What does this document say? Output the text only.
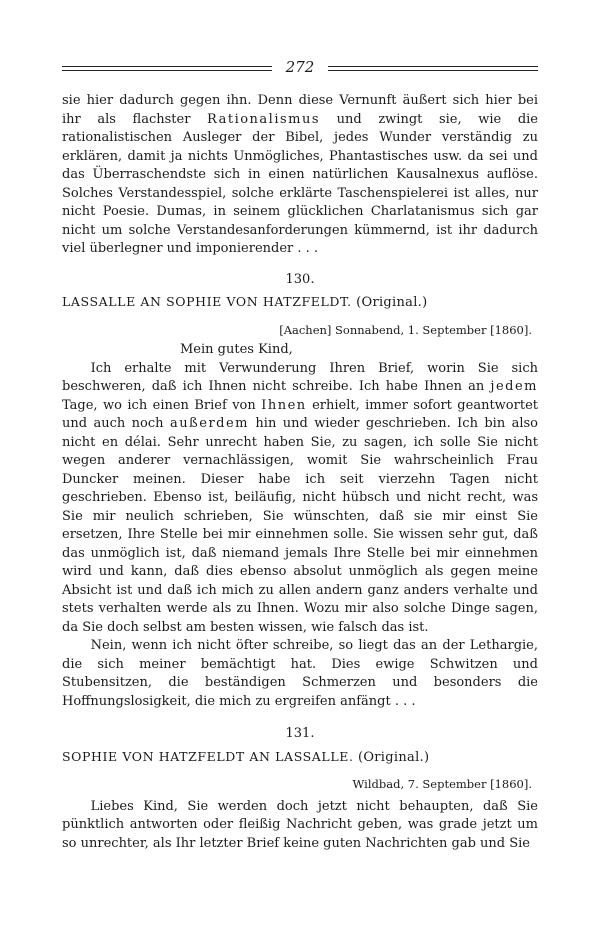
272

sie hier dadurch gegen ihn. Denn diese Vernunft äußert sich hier bei ihr als flachster Rationalismus und zwingt sie, wie die rationalistischen Ausleger der Bibel, jedes Wunder verständig zu erklären, damit ja nichts Unmögliches, Phantastisches usw. da sei und das Überraschendste sich in einen natürlichen Kausalnexus auflöse. Solches Verstandesspiel, solche erklärte Taschenspielerei ist alles, nur nicht Poesie. Dumas, in seinem glücklichen Charlatanismus sich gar nicht um solche Verstandesanforderungen kümmernd, ist ihr dadurch viel überlegner und imponierender . . .

130.
LASSALLE AN SOPHIE VON HATZFELDT. (Original.)
[Aachen] Sonnabend, 1. September [1860].
Mein gutes Kind,

Ich erhalte mit Verwunderung Ihren Brief, worin Sie sich beschweren, daß ich Ihnen nicht schreibe. Ich habe Ihnen an jedem Tage, wo ich einen Brief von Ihnen erhielt, immer sofort geantwortet und auch noch außerdem hin und wieder geschrieben. Ich bin also nicht en délai. Sehr unrecht haben Sie, zu sagen, ich solle Sie nicht wegen anderer vernachlässigen, womit Sie wahrscheinlich Frau Duncker meinen. Dieser habe ich seit vierzehn Tagen nicht geschrieben. Ebenso ist, beiläufig, nicht hübsch und nicht recht, was Sie mir neulich schrieben, Sie wünschten, daß sie mir einst Sie ersetzen, Ihre Stelle bei mir einnehmen solle. Sie wissen sehr gut, daß das unmöglich ist, daß niemand jemals Ihre Stelle bei mir einnehmen wird und kann, daß dies ebenso absolut unmöglich als gegen meine Absicht ist und daß ich mich zu allen andern ganz anders verhalte und stets verhalten werde als zu Ihnen. Wozu mir also solche Dinge sagen, da Sie doch selbst am besten wissen, wie falsch das ist.

Nein, wenn ich nicht öfter schreibe, so liegt das an der Lethargie, die sich meiner bemächtigt hat. Dies ewige Schwitzen und Stubensitzen, die beständigen Schmerzen und besonders die Hoffnungslosigkeit, die mich zu ergreifen anfängt . . .

131.
SOPHIE VON HATZFELDT AN LASSALLE. (Original.)
Wildbad, 7. September [1860].

Liebes Kind, Sie werden doch jetzt nicht behaupten, daß Sie pünktlich antworten oder fleißig Nachricht geben, was grade jetzt um so unrechter, als Ihr letzter Brief keine guten Nachrichten gab und Sie
